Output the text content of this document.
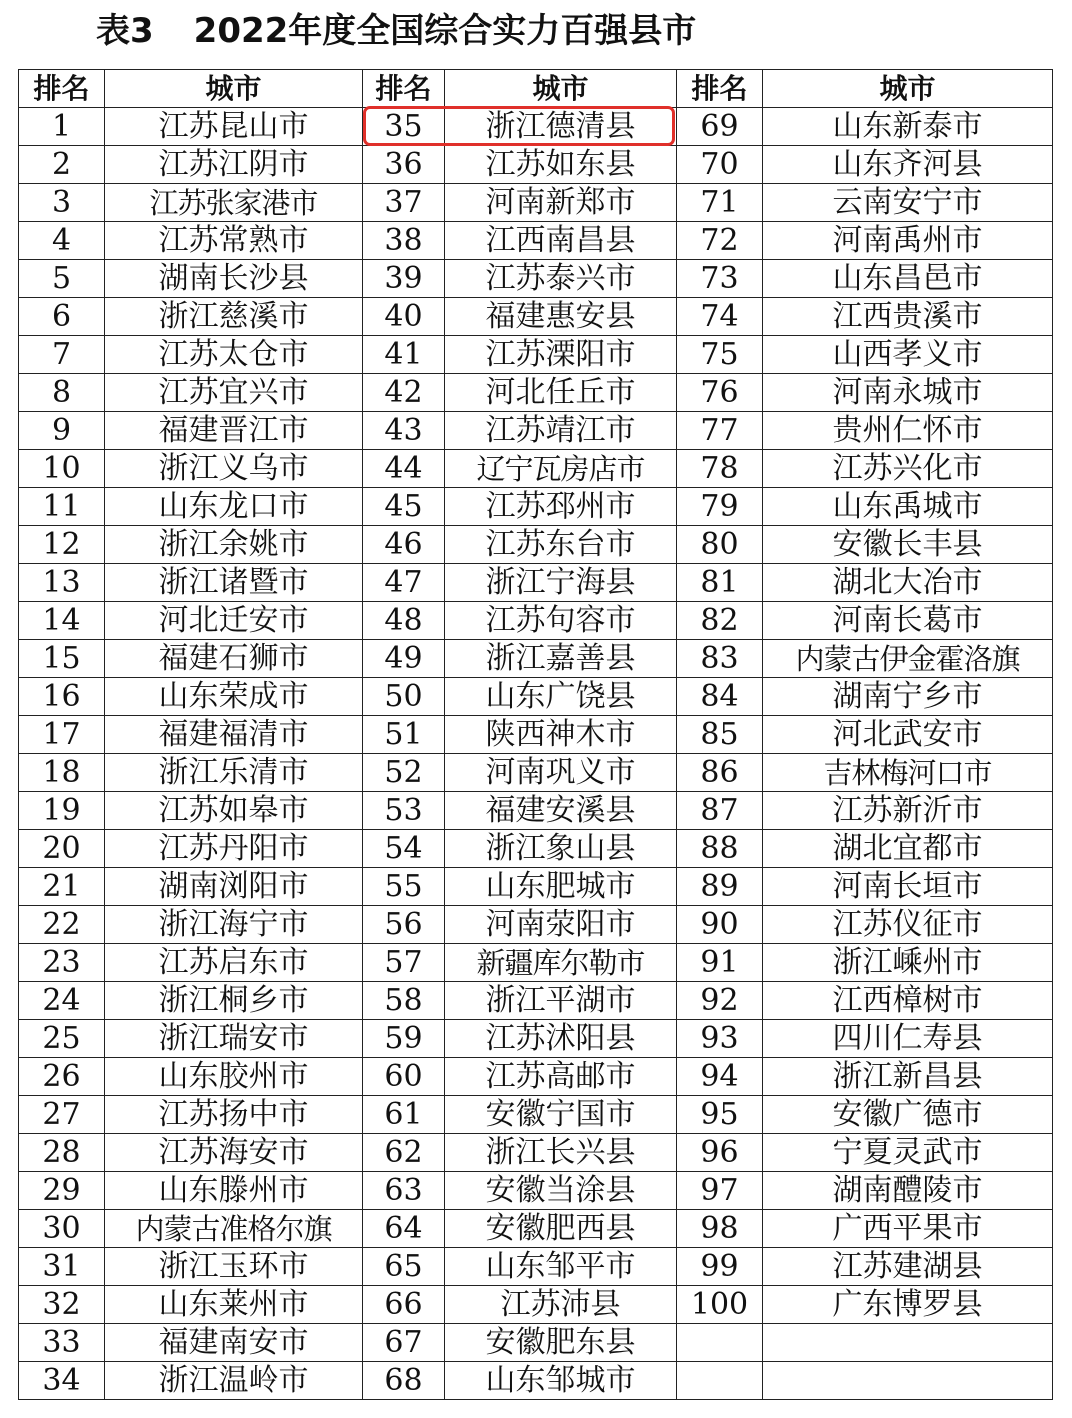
表3 2022年度全国综合实力百强县市
排名	城市	排名	城市	排名	城市
1	江苏昆山市	35	浙江德清县	69	山东新泰市
2	江苏江阴市	36	江苏如东县	70	山东齐河县
3	江苏张家港市	37	河南新郑市	71	云南安宁市
4	江苏常熟市	38	江西南昌县	72	河南禹州市
5	湖南长沙县	39	江苏泰兴市	73	山东昌邑市
6	浙江慈溪市	40	福建惠安县	74	江西贵溪市
7	江苏太仓市	41	江苏溧阳市	75	山西孝义市
8	江苏宜兴市	42	河北任丘市	76	河南永城市
9	福建晋江市	43	江苏靖江市	77	贵州仁怀市
10	浙江义乌市	44	辽宁瓦房店市	78	江苏兴化市
11	山东龙口市	45	江苏邳州市	79	山东禹城市
12	浙江余姚市	46	江苏东台市	80	安徽长丰县
13	浙江诸暨市	47	浙江宁海县	81	湖北大冶市
14	河北迁安市	48	江苏句容市	82	河南长葛市
15	福建石狮市	49	浙江嘉善县	83	内蒙古伊金霍洛旗
16	山东荣成市	50	山东广饶县	84	湖南宁乡市
17	福建福清市	51	陕西神木市	85	河北武安市
18	浙江乐清市	52	河南巩义市	86	吉林梅河口市
19	江苏如皋市	53	福建安溪县	87	江苏新沂市
20	江苏丹阳市	54	浙江象山县	88	湖北宜都市
21	湖南浏阳市	55	山东肥城市	89	河南长垣市
22	浙江海宁市	56	河南荥阳市	90	江苏仪征市
23	江苏启东市	57	新疆库尔勒市	91	浙江嵊州市
24	浙江桐乡市	58	浙江平湖市	92	江西樟树市
25	浙江瑞安市	59	江苏沭阳县	93	四川仁寿县
26	山东胶州市	60	江苏高邮市	94	浙江新昌县
27	江苏扬中市	61	安徽宁国市	95	安徽广德市
28	江苏海安市	62	浙江长兴县	96	宁夏灵武市
29	山东滕州市	63	安徽当涂县	97	湖南醴陵市
30	内蒙古准格尔旗	64	安徽肥西县	98	广西平果市
31	浙江玉环市	65	山东邹平市	99	江苏建湖县
32	山东莱州市	66	江苏沛县	100	广东博罗县
33	福建南安市	67	安徽肥东县		
34	浙江温岭市	68	山东邹城市		
